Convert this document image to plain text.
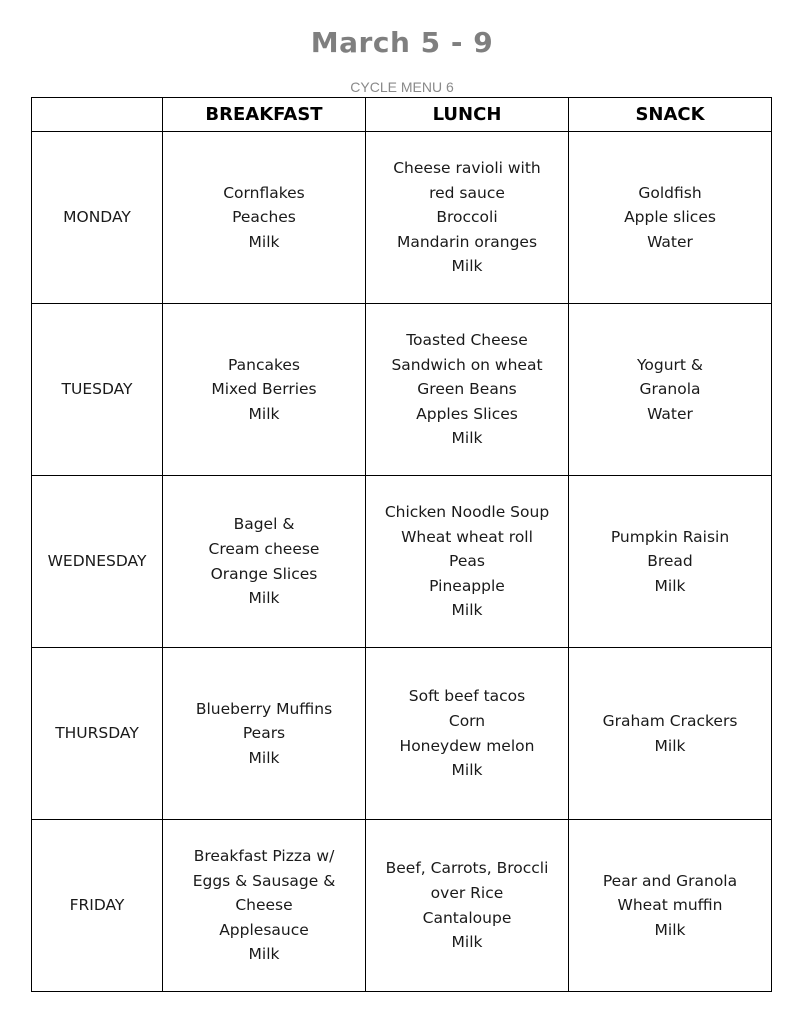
March 5 - 9
CYCLE MENU 6
	BREAKFAST	LUNCH	SNACK
MONDAY	Cornflakes
Peaches
Milk	Cheese ravioli with
red sauce
Broccoli
Mandarin oranges
Milk	Goldfish
Apple slices
Water

TUESDAY	Pancakes
Mixed Berries
Milk	Toasted Cheese
Sandwich on wheat
Green Beans
Apples Slices
Milk	Yogurt &
Granola
Water

WEDNESDAY	Bagel &
Cream cheese
Orange Slices
Milk	Chicken Noodle Soup
Wheat wheat roll
Peas
Pineapple
Milk	Pumpkin Raisin
Bread
Milk

THURSDAY	Blueberry Muffins
Pears
Milk	Soft beef tacos
Corn
Honeydew melon
Milk	Graham Crackers
Milk

FRIDAY	Breakfast Pizza w/
Eggs & Sausage &
Cheese
Applesauce
Milk	Beef, Carrots, Broccli
over Rice
Cantaloupe
Milk	Pear and Granola
Wheat muffin
Milk
